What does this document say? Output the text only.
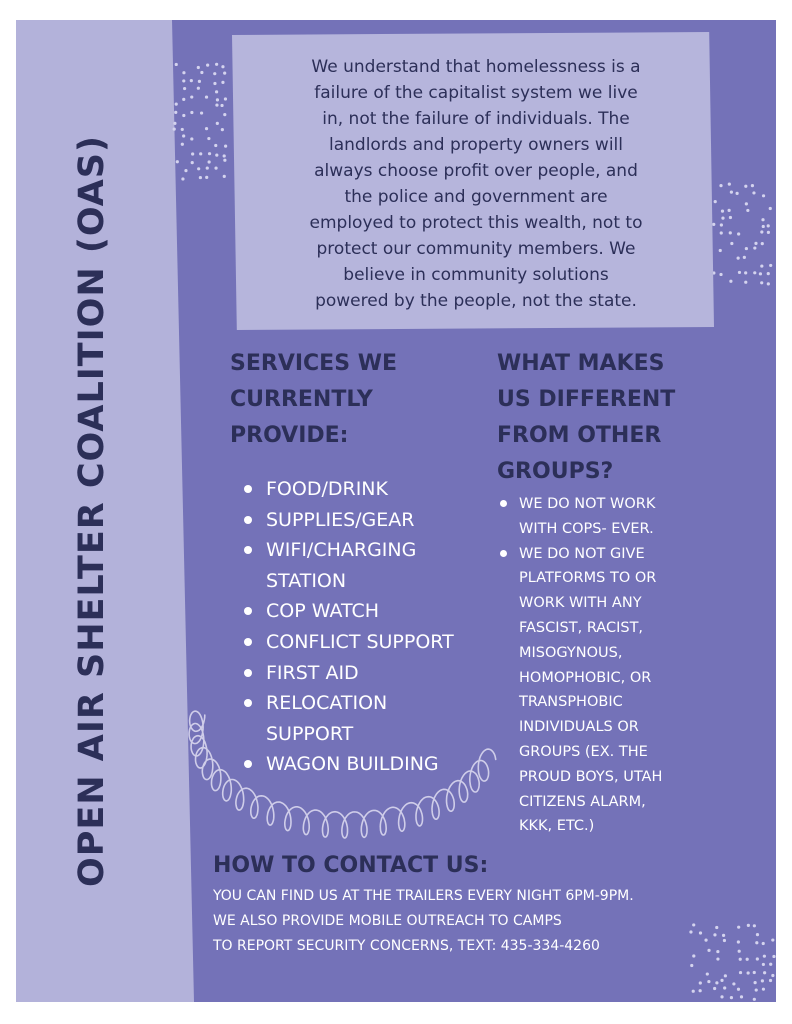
OPEN AIR SHELTER COALITION (OAS)
We understand that homelessness is a
failure of the capitalist system we live
in, not the failure of individuals. The
landlords and property owners will
always choose profit over people, and
the police and government are
employed to protect this wealth, not to
protect our community members. We
believe in community solutions
powered by the people, not the state.
SERVICES WE
CURRENTLY
PROVIDE:
FOOD/DRINK
SUPPLIES/GEAR
WIFI/CHARGING
STATION
COP WATCH
CONFLICT SUPPORT
FIRST AID
RELOCATION
SUPPORT
WAGON BUILDING
WHAT MAKES
US DIFFERENT
FROM OTHER
GROUPS?
WE DO NOT WORK
WITH COPS- EVER.
WE DO NOT GIVE
PLATFORMS TO OR
WORK WITH ANY
FASCIST, RACIST,
MISOGYNOUS,
HOMOPHOBIC, OR
TRANSPHOBIC
INDIVIDUALS OR
GROUPS (EX. THE
PROUD BOYS, UTAH
CITIZENS ALARM,
KKK, ETC.)
HOW TO CONTACT US:
YOU CAN FIND US AT THE TRAILERS EVERY NIGHT 6PM-9PM.
WE ALSO PROVIDE MOBILE OUTREACH TO CAMPS
TO REPORT SECURITY CONCERNS, TEXT: 435-334-4260
